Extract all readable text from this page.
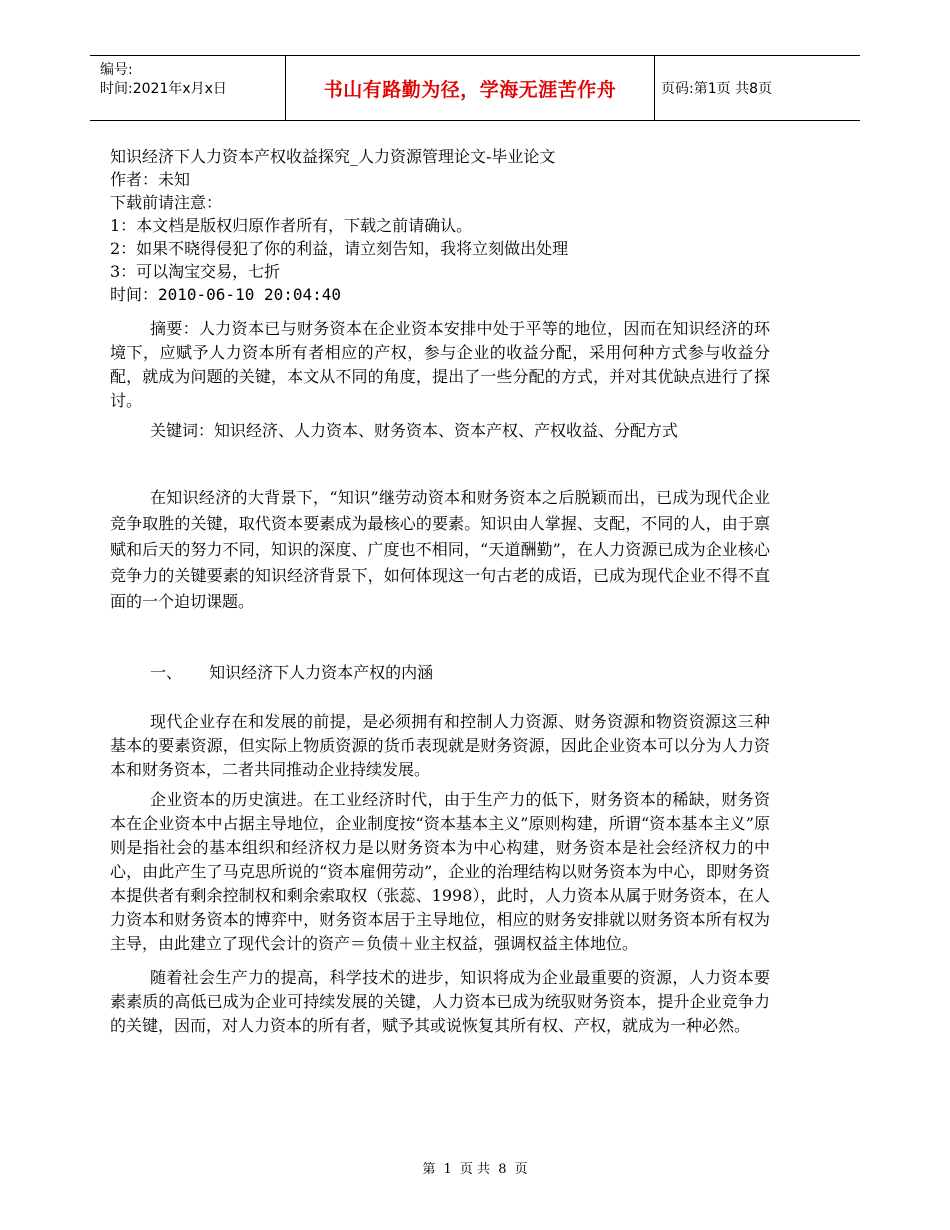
编号:
时间:2021年x月x日	书山有路勤为径，学海无涯苦作舟	页码:第1页 共8页
知识经济下人力资本产权收益探究_人力资源管理论文-毕业论文
作者：未知
下载前请注意：
1：本文档是版权归原作者所有，下载之前请确认。
2：如果不晓得侵犯了你的利益，请立刻告知，我将立刻做出处理
3：可以淘宝交易，七折
时间：2010-06-10 20:04:40

摘要：人力资本已与财务资本在企业资本安排中处于平等的地位，因而在知识经济的环境下，应赋予人力资本所有者相应的产权，参与企业的收益分配，采用何种方式参与收益分配，就成为问题的关键，本文从不同的角度，提出了一些分配的方式，并对其优缺点进行了探讨。

关键词：知识经济、人力资本、财务资本、资本产权、产权收益、分配方式

在知识经济的大背景下，“知识”继劳动资本和财务资本之后脱颖而出，已成为现代企业竞争取胜的关键，取代资本要素成为最核心的要素。知识由人掌握、支配，不同的人，由于禀赋和后天的努力不同，知识的深度、广度也不相同，“天道酬勤”，在人力资源已成为企业核心竞争力的关键要素的知识经济背景下，如何体现这一句古老的成语，已成为现代企业不得不直面的一个迫切课题。

一、 知识经济下人力资本产权的内涵

现代企业存在和发展的前提，是必须拥有和控制人力资源、财务资源和物资资源这三种基本的要素资源，但实际上物质资源的货币表现就是财务资源，因此企业资本可以分为人力资本和财务资本，二者共同推动企业持续发展。

企业资本的历史演进。在工业经济时代，由于生产力的低下，财务资本的稀缺，财务资本在企业资本中占据主导地位，企业制度按“资本基本主义”原则构建，所谓“资本基本主义”原则是指社会的基本组织和经济权力是以财务资本为中心构建，财务资本是社会经济权力的中心，由此产生了马克思所说的“资本雇佣劳动”，企业的治理结构以财务资本为中心，即财务资本提供者有剩余控制权和剩余索取权（张蕊、1998），此时，人力资本从属于财务资本，在人力资本和财务资本的博弈中，财务资本居于主导地位，相应的财务安排就以财务资本所有权为主导，由此建立了现代会计的资产＝负债＋业主权益，强调权益主体地位。

随着社会生产力的提高，科学技术的进步，知识将成为企业最重要的资源，人力资本要素素质的高低已成为企业可持续发展的关键，人力资本已成为统驭财务资本，提升企业竞争力的关键，因而，对人力资本的所有者，赋予其或说恢复其所有权、产权，就成为一种必然。

第 1 页 共 8 页
